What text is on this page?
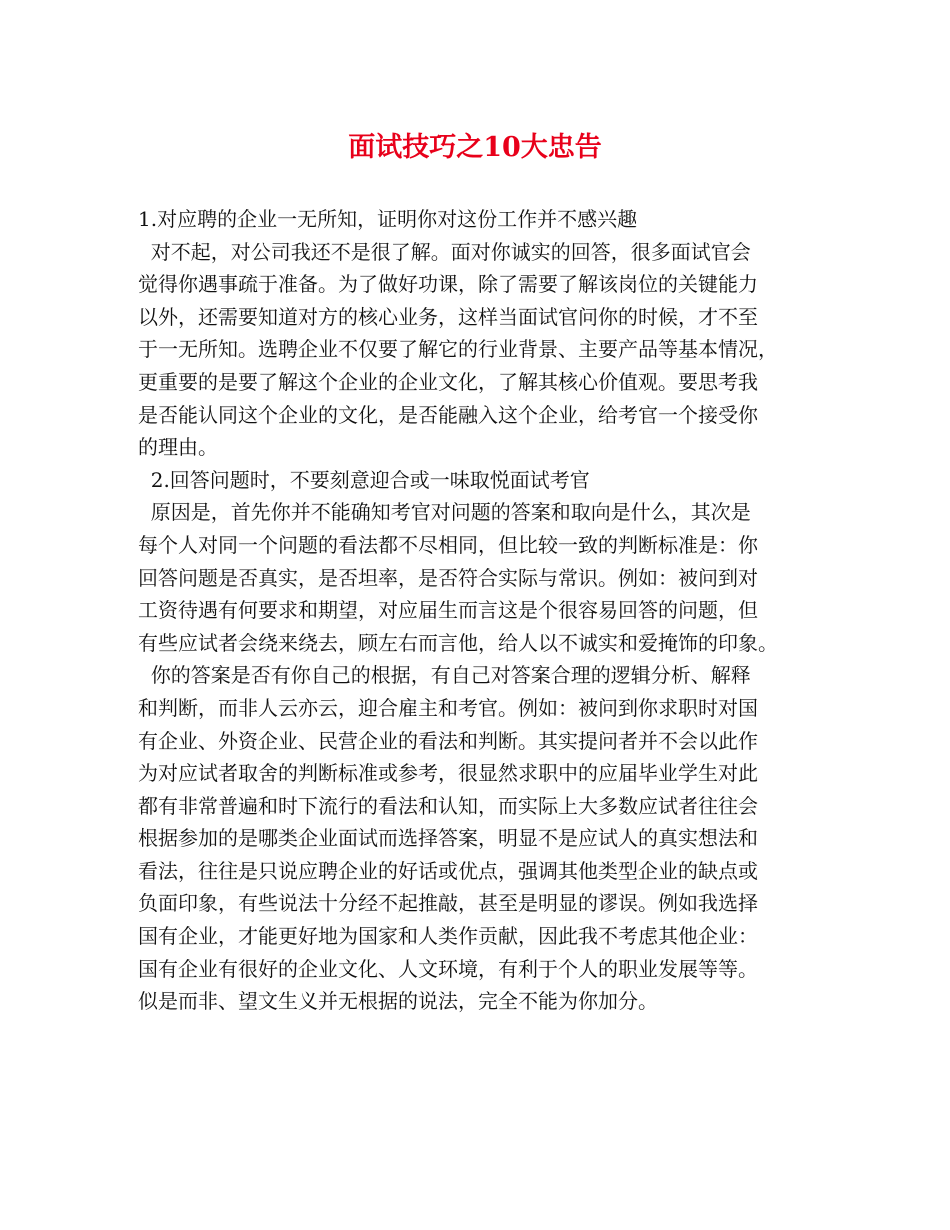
面试技巧之10大忠告
1.对应聘的企业一无所知，证明你对这份工作并不感兴趣
对不起，对公司我还不是很了解。面对你诚实的回答，很多面试官会
觉得你遇事疏于准备。为了做好功课，除了需要了解该岗位的关键能力
以外，还需要知道对方的核心业务，这样当面试官问你的时候，才不至
于一无所知。选聘企业不仅要了解它的行业背景、主要产品等基本情况，
更重要的是要了解这个企业的企业文化，了解其核心价值观。要思考我
是否能认同这个企业的文化，是否能融入这个企业，给考官一个接受你
的理由。
2.回答问题时，不要刻意迎合或一味取悦面试考官
原因是，首先你并不能确知考官对问题的答案和取向是什么，其次是
每个人对同一个问题的看法都不尽相同，但比较一致的判断标准是：你
回答问题是否真实，是否坦率，是否符合实际与常识。例如：被问到对
工资待遇有何要求和期望，对应届生而言这是个很容易回答的问题，但
有些应试者会绕来绕去，顾左右而言他，给人以不诚实和爱掩饰的印象。
你的答案是否有你自己的根据，有自己对答案合理的逻辑分析、解释
和判断，而非人云亦云，迎合雇主和考官。例如：被问到你求职时对国
有企业、外资企业、民营企业的看法和判断。其实提问者并不会以此作
为对应试者取舍的判断标准或参考，很显然求职中的应届毕业学生对此
都有非常普遍和时下流行的看法和认知，而实际上大多数应试者往往会
根据参加的是哪类企业面试而选择答案，明显不是应试人的真实想法和
看法，往往是只说应聘企业的好话或优点，强调其他类型企业的缺点或
负面印象，有些说法十分经不起推敲，甚至是明显的谬误。例如我选择
国有企业，才能更好地为国家和人类作贡献，因此我不考虑其他企业：
国有企业有很好的企业文化、人文环境，有利于个人的职业发展等等。
似是而非、望文生义并无根据的说法，完全不能为你加分。
